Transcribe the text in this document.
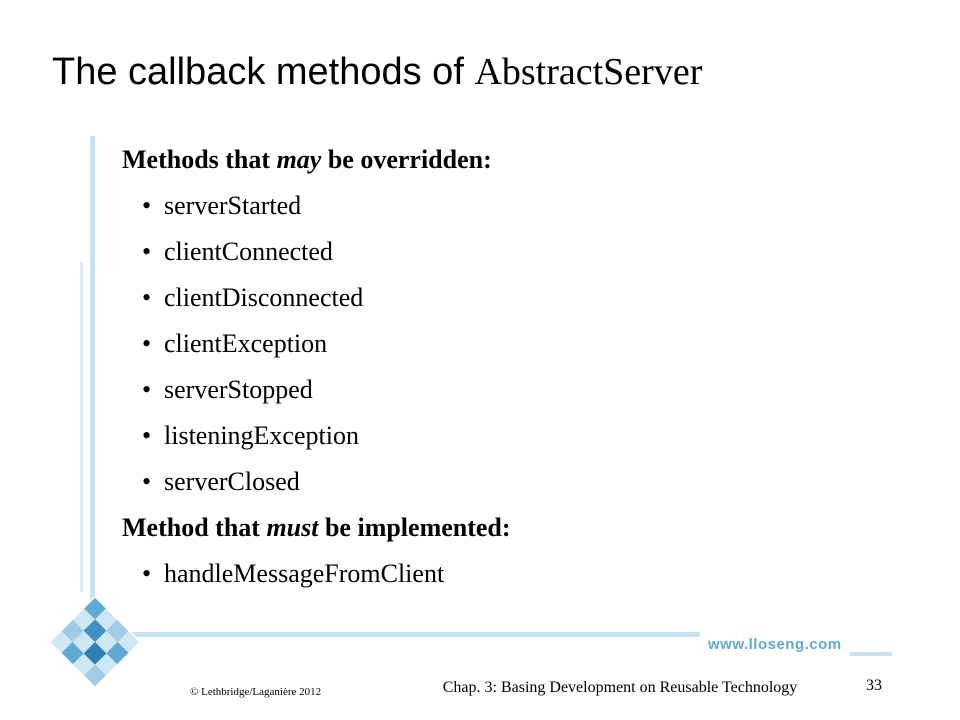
The callback methods of AbstractServer
Methods that may be overridden:
• serverStarted
• clientConnected
• clientDisconnected
• clientException
• serverStopped
• listeningException
• serverClosed
Method that must be implemented:
• handleMessageFromClient
www.lloseng.com
© Lethbridge/Laganière 2012	Chap. 3: Basing Development on Reusable Technology	33
